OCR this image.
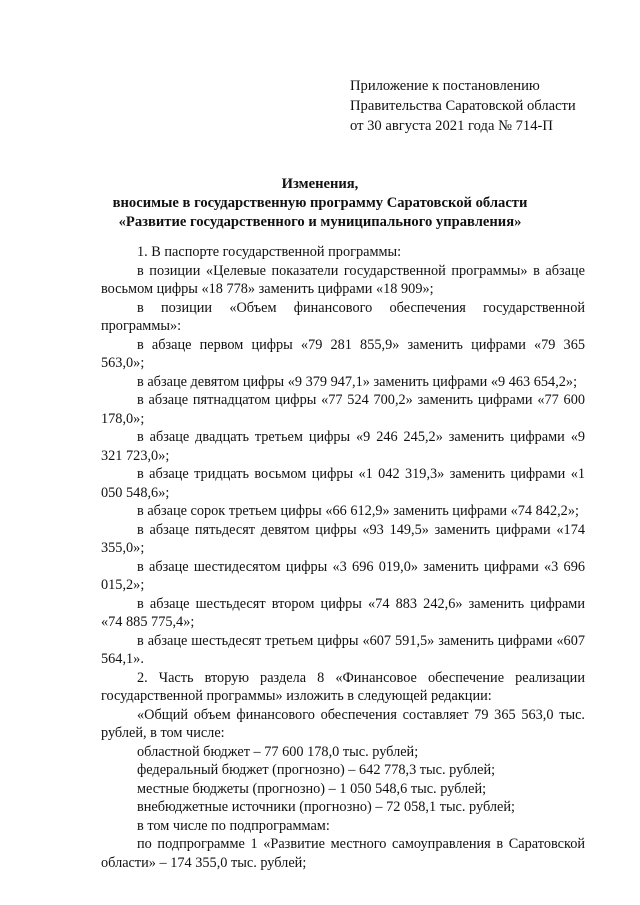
Приложение к постановлению
Правительства Саратовской области
от 30 августа 2021 года № 714-П
Изменения,
вносимые в государственную программу Саратовской области
«Развитие государственного и муниципального управления»

1. В паспорте государственной программы:

в позиции «Целевые показатели государственной программы» в абзаце восьмом цифры «18 778» заменить цифрами «18 909»;

в позиции «Объем финансового обеспечения государственной программы»:

в абзаце первом цифры «79 281 855,9» заменить цифрами «79 365 563,0»;

в абзаце девятом цифры «9 379 947,1» заменить цифрами «9 463 654,2»;

в абзаце пятнадцатом цифры «77 524 700,2» заменить цифрами «77 600 178,0»;

в абзаце двадцать третьем цифры «9 246 245,2» заменить цифрами «9 321 723,0»;

в абзаце тридцать восьмом цифры «1 042 319,3» заменить цифрами «1 050 548,6»;

в абзаце сорок третьем цифры «66 612,9» заменить цифрами «74 842,2»;

в абзаце пятьдесят девятом цифры «93 149,5» заменить цифрами «174 355,0»;

в абзаце шестидесятом цифры «3 696 019,0» заменить цифрами «3 696 015,2»;

в абзаце шестьдесят втором цифры «74 883 242,6» заменить цифрами «74 885 775,4»;

в абзаце шестьдесят третьем цифры «607 591,5» заменить цифрами «607 564,1».

2. Часть вторую раздела 8 «Финансовое обеспечение реализации государственной программы» изложить в следующей редакции:

«Общий объем финансового обеспечения составляет 79 365 563,0 тыс. рублей, в том числе:

областной бюджет – 77 600 178,0 тыс. рублей;

федеральный бюджет (прогнозно) – 642 778,3 тыс. рублей;

местные бюджеты (прогнозно) – 1 050 548,6 тыс. рублей;

внебюджетные источники (прогнозно) – 72 058,1 тыс. рублей;

в том числе по подпрограммам:

по подпрограмме 1 «Развитие местного самоуправления в Саратовской области» – 174 355,0 тыс. рублей;
